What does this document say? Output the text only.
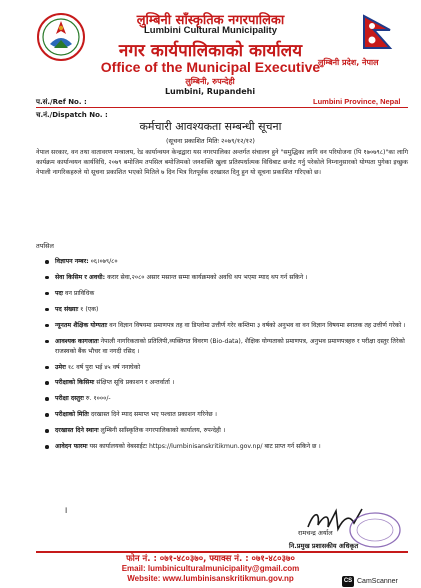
लुम्बिनी साँस्कृतिक नगरपालिका
Lumbini Cultural Municipality
नगर कार्यपालिकाको कार्यालय
Office of the Municipal Executive
लुम्बिनी, रुपन्देही
Lumbini, Rupandehi
लुम्बिनी प्रदेश, नेपाल
Lumbini Province, Nepal
प.सं./Ref No. :
च.नं./Dispatch No. :
कर्मचारी आवश्यकता सम्बन्धी सूचना
(सूचना प्रकाशित मितिः २०७९/१२/१२)
नेपाल सरकार, वन तथा वातावरण मन्त्रालय, रेड कार्यान्वयन केन्द्रद्वारा यस नगरपालिका अन्तर्गत संचालन हुने "समुद्धिका लागि वन परियोजना (पि १७०७९८)"का लागि कार्यक्रम कार्यान्वयन कार्यविधि, २०७९ बमोजिम तपसिल बमोजिमको जनशक्ति खुला प्रतिस्पर्धात्मक विधिबाट छनोट गर्नु परेकोले निम्नानुसारको योग्यता पुगेका इच्छुक नेपाली नागरिकहरुले यो सूचना प्रकाशित भएको मितिले ७ दिन भित्र रितपूर्वक दरखास्त दिनु हुन यो सूचना प्रकाशित गरिएको छ।
तपसिल
विज्ञापन नम्बर: ०६।०७९/८०
सेवा किसिम र अवधी: करार सेवा,२०८० असार मसान्त सम्मा कार्यक्रमको अवधि थप भएमा म्याद थप गर्न सकिने ।
पदः वन प्राविधिक
पद संख्याः १ (एक)
न्यूनतम शैक्षिक योग्यताः वन विज्ञान विषयमा प्रमाणपत्र तह वा डिप्लोमा उत्तीर्ण गरेर कम्तिमा ३ वर्षको अनुभव वा वन विज्ञान विषयमा स्नातक तह उत्तीर्ण गरेको ।
आवश्यक कागजातः नेपाली नागरिकताको प्रतिलिपी,व्यक्तिगत विवरण (Bio-data), शैक्षिक योग्यताको प्रमाणपत्र, अनुभव प्रमाणपत्रहरु र परीक्षा दस्तुर तिरेको राजस्वको बैंक भौचर वा नगदी रसिद ।
उमेरः १८ वर्ष पुरा भई ४५ वर्ष ननाघेको
परीक्षाको किसिमः संक्षिप्त सूचि प्रकाशन र अन्तर्वार्ता ।
परीक्षा दस्तुरः रु. १०००/-
परीक्षाको मितिः दरखास्त दिने म्याद समाप्त भए पश्चात प्रकाशन गरिनेछ ।
दरखास्त दिने स्थानः लुम्बिनी सााँस्कृतिक नगरपालिकाको कार्यालय, रुपन्देही ।
आवेदन फारमः यस कार्यालयको वेबसाईटः https://lumbinisanskritikmun.gov.np/ बाट प्राप्त गर्न सकिने छ ।
।
रामचन्द्र अर्याल
नि.प्रमुख प्रशासकीय अधिकृत
फोन नं. : ०७१-४८०३७०, फ्याक्स नं. : ०७१-४८०३७०
Email: lumbiniculturalmunicipality@gmail.com
Website: www.lumbinisanskritikmun.gov.np	CS CamScanner
